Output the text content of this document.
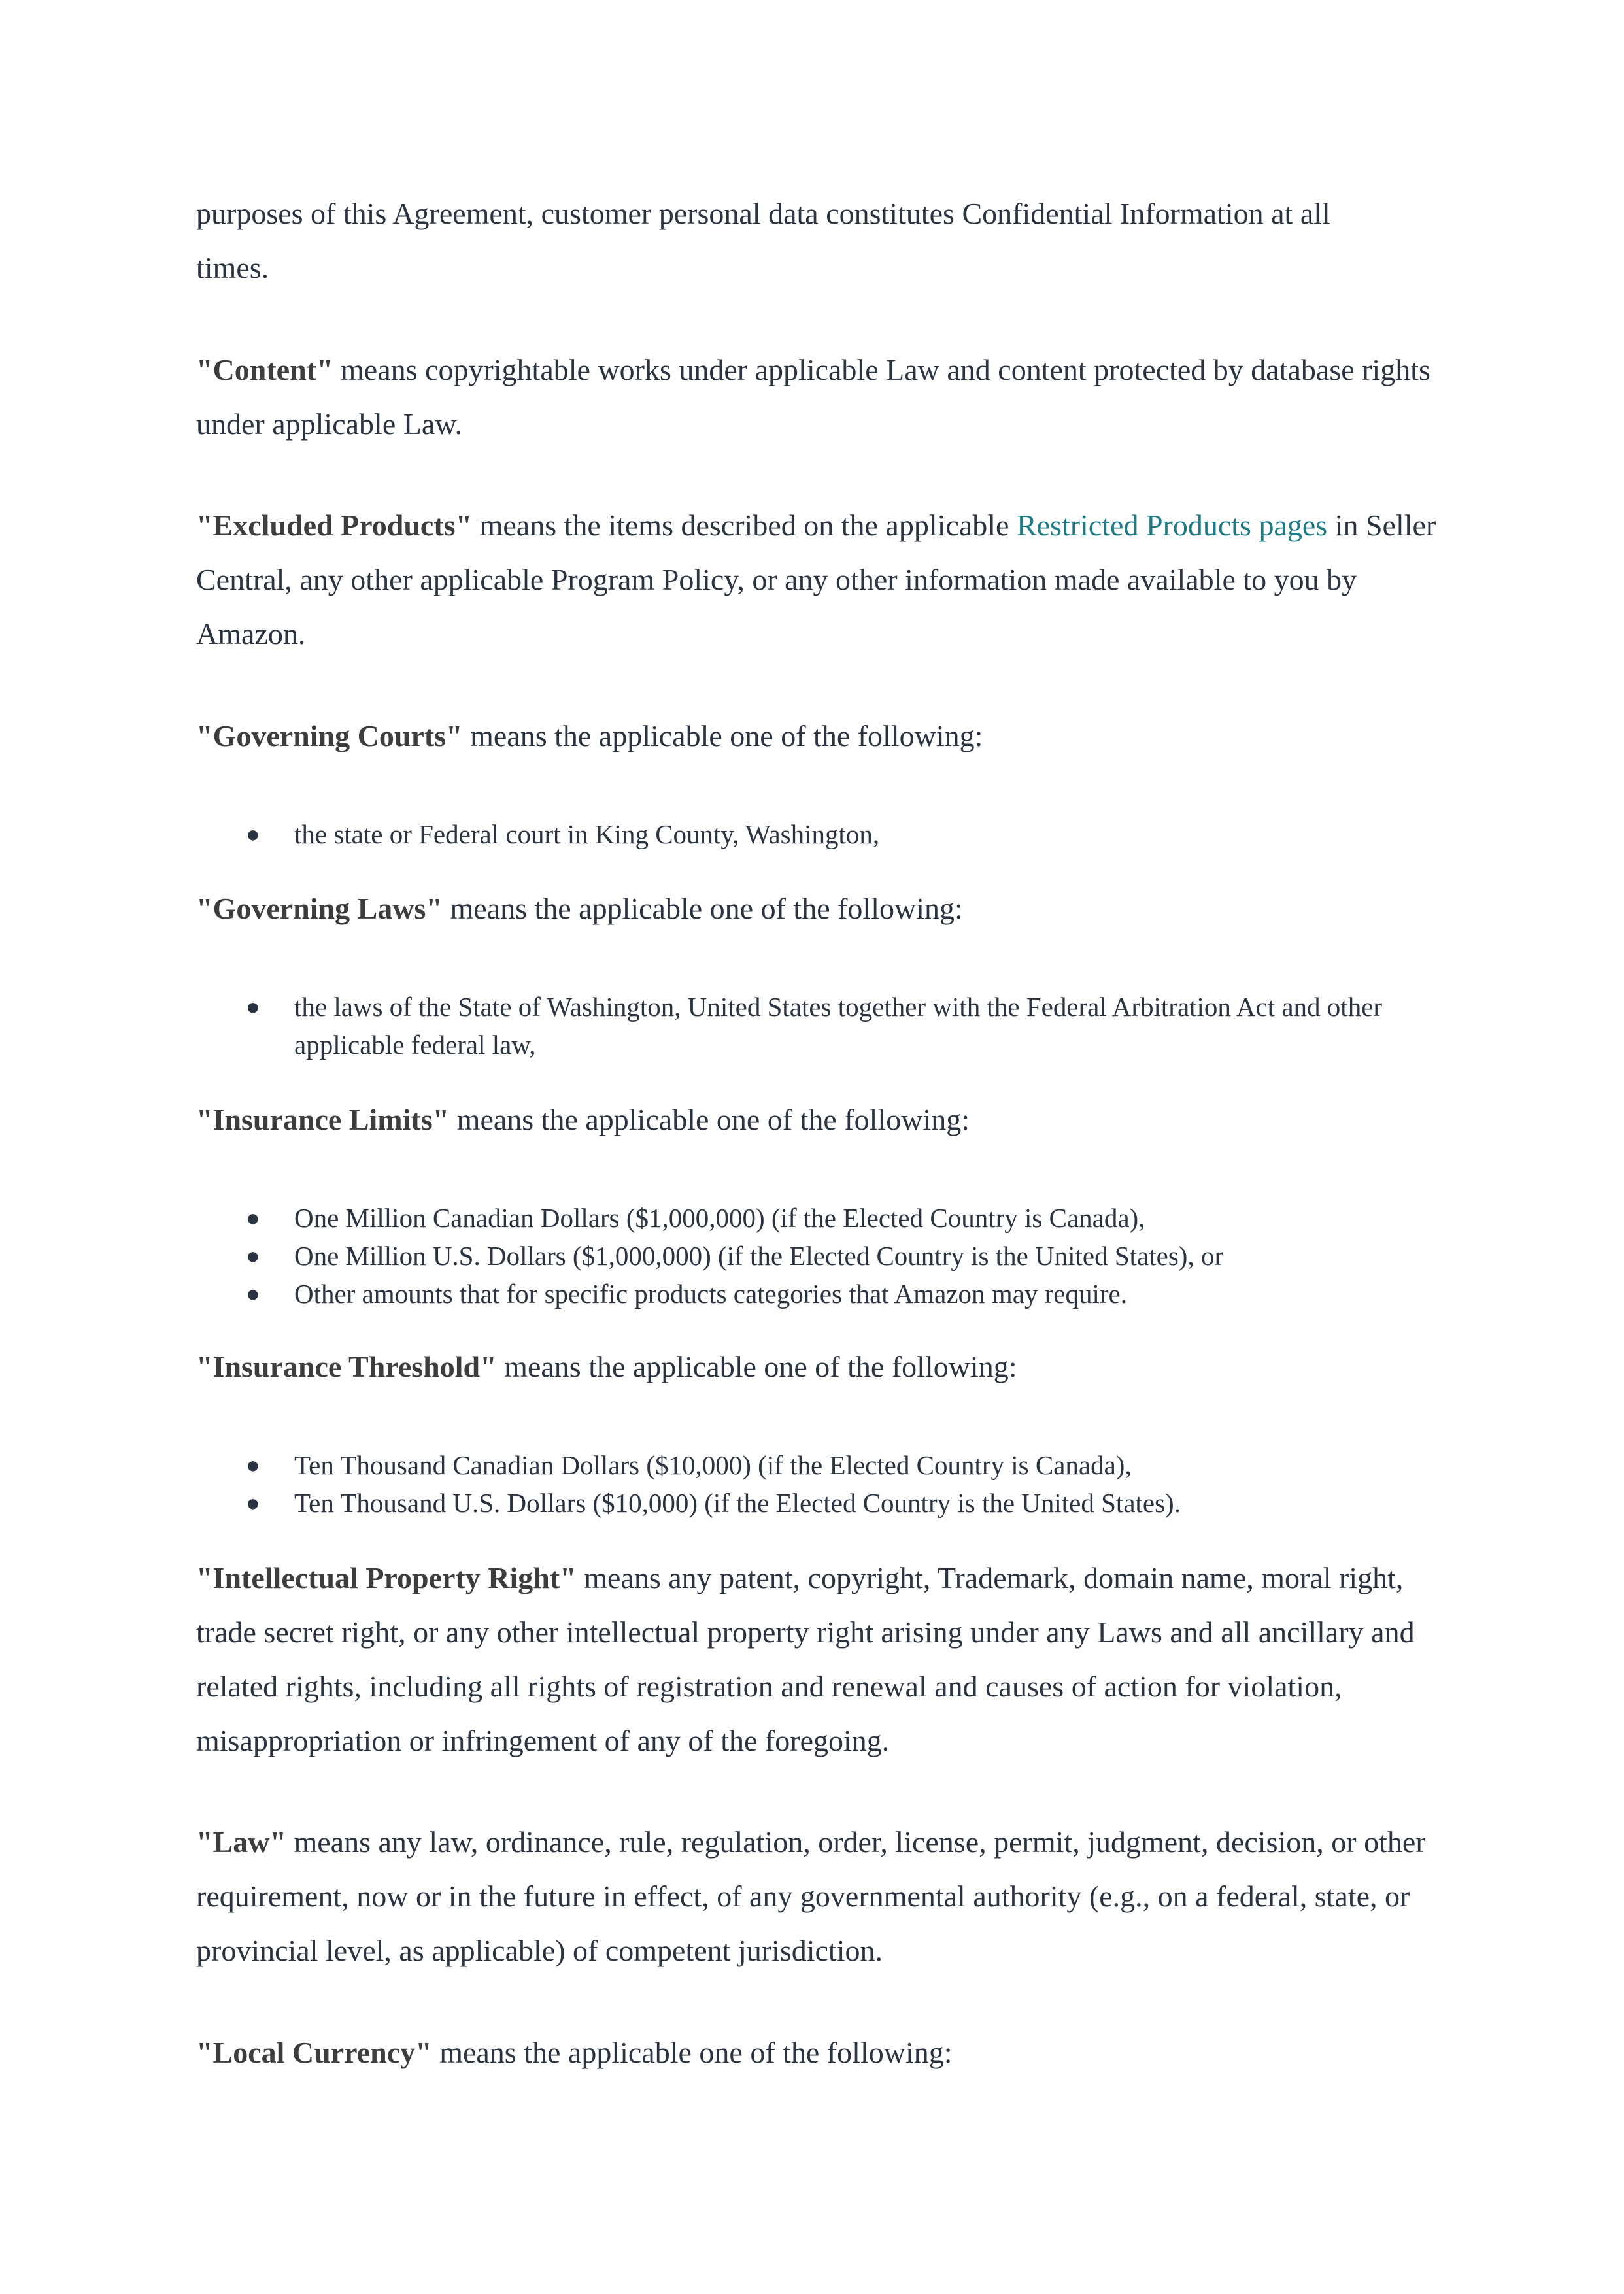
purposes of this Agreement, customer personal data constitutes Confidential Information at all
times.

"Content" means copyrightable works under applicable Law and content protected by database rights under applicable Law.

"Excluded Products" means the items described on the applicable Restricted Products pages in Seller Central, any other applicable Program Policy, or any other information made available to you by Amazon.

"Governing Courts" means the applicable one of the following:

● the state or Federal court in King County, Washington,

"Governing Laws" means the applicable one of the following:

● the laws of the State of Washington, United States together with the Federal Arbitration Act and other applicable federal law,

"Insurance Limits" means the applicable one of the following:

● One Million Canadian Dollars ($1,000,000) (if the Elected Country is Canada),
● One Million U.S. Dollars ($1,000,000) (if the Elected Country is the United States), or
● Other amounts that for specific products categories that Amazon may require.

"Insurance Threshold" means the applicable one of the following:

● Ten Thousand Canadian Dollars ($10,000) (if the Elected Country is Canada),
● Ten Thousand U.S. Dollars ($10,000) (if the Elected Country is the United States).

"Intellectual Property Right" means any patent, copyright, Trademark, domain name, moral right, trade secret right, or any other intellectual property right arising under any Laws and all ancillary and related rights, including all rights of registration and renewal and causes of action for violation, misappropriation or infringement of any of the foregoing.

"Law" means any law, ordinance, rule, regulation, order, license, permit, judgment, decision, or other requirement, now or in the future in effect, of any governmental authority (e.g., on a federal, state, or provincial level, as applicable) of competent jurisdiction.

"Local Currency" means the applicable one of the following:
